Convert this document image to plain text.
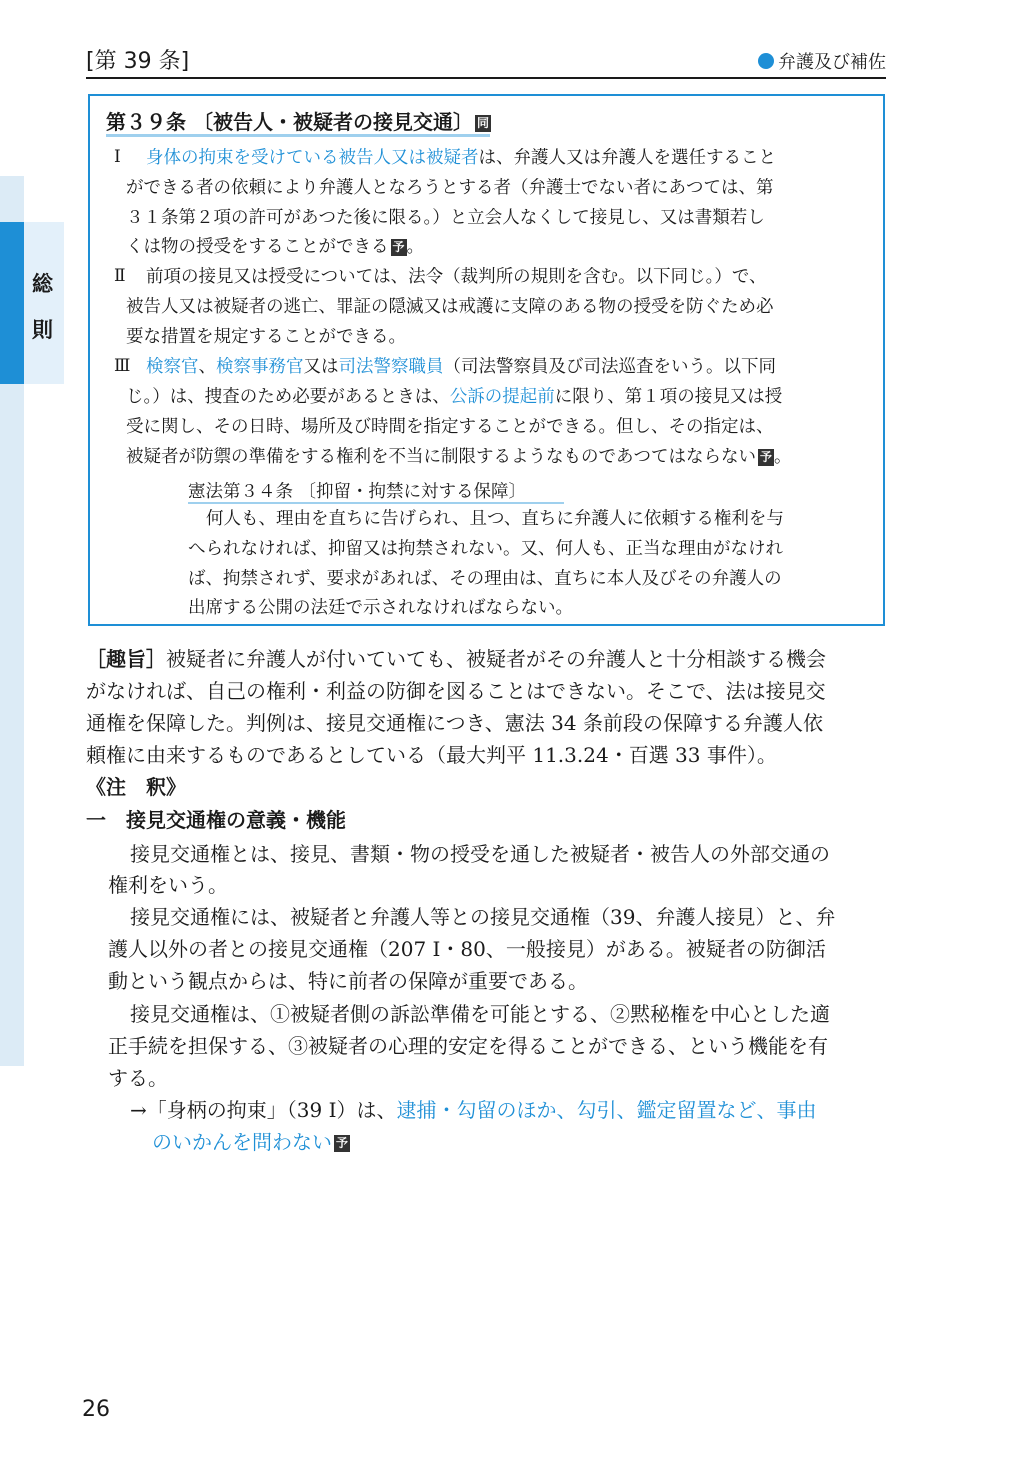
[第 39 条]	弁護及び補佐
総
則
第３９条 〔被告人・被疑者の接見交通〕 同
Ⅰ 身体の拘束を受けている被告人又は被疑者は、弁護人又は弁護人を選任すること
ができる者の依頼により弁護人となろうとする者（弁護士でない者にあつては、第
３１条第２項の許可があつた後に限る。）と立会人なくして接見し、又は書類若し
くは物の授受をすることができる 予 。
Ⅱ 前項の接見又は授受については、法令（裁判所の規則を含む。以下同じ。）で、
被告人又は被疑者の逃亡、罪証の隠滅又は戒護に支障のある物の授受を防ぐため必
要な措置を規定することができる。
Ⅲ 検察官、検察事務官又は司法警察職員（司法警察員及び司法巡査をいう。以下同
じ。）は、捜査のため必要があるときは、公訴の提起前に限り、第１項の接見又は授
受に関し、その日時、場所及び時間を指定することができる。但し、その指定は、
被疑者が防禦の準備をする権利を不当に制限するようなものであつてはならない 予 。
憲法第３４条 〔抑留・拘禁に対する保障〕
何人も、理由を直ちに告げられ、且つ、直ちに弁護人に依頼する権利を与
へられなければ、抑留又は拘禁されない。又、何人も、正当な理由がなけれ
ば、拘禁されず、要求があれば、その理由は、直ちに本人及びその弁護人の
出席する公開の法廷で示されなければならない。
［趣旨］被疑者に弁護人が付いていても、被疑者がその弁護人と十分相談する機会
がなければ、自己の権利・利益の防御を図ることはできない。そこで、法は接見交
通権を保障した。判例は、接見交通権につき、憲法 34 条前段の保障する弁護人依
頼権に由来するものであるとしている（最大判平 11.3.24・百選 33 事件）。
《注　釈》
一　接見交通権の意義・機能
接見交通権とは、接見、書類・物の授受を通した被疑者・被告人の外部交通の
権利をいう。
接見交通権には、被疑者と弁護人等との接見交通権（39、弁護人接見）と、弁
護人以外の者との接見交通権（207 Ⅰ・80、一般接見）がある。被疑者の防御活
動という観点からは、特に前者の保障が重要である。
接見交通権は、①被疑者側の訴訟準備を可能とする、②黙秘権を中心とした適
正手続を担保する、③被疑者の心理的安定を得ることができる、という機能を有
する。
→「身柄の拘束」（39 Ⅰ）は、逮捕・勾留のほか、勾引、鑑定留置など、事由
のいかんを問わない 予
26
